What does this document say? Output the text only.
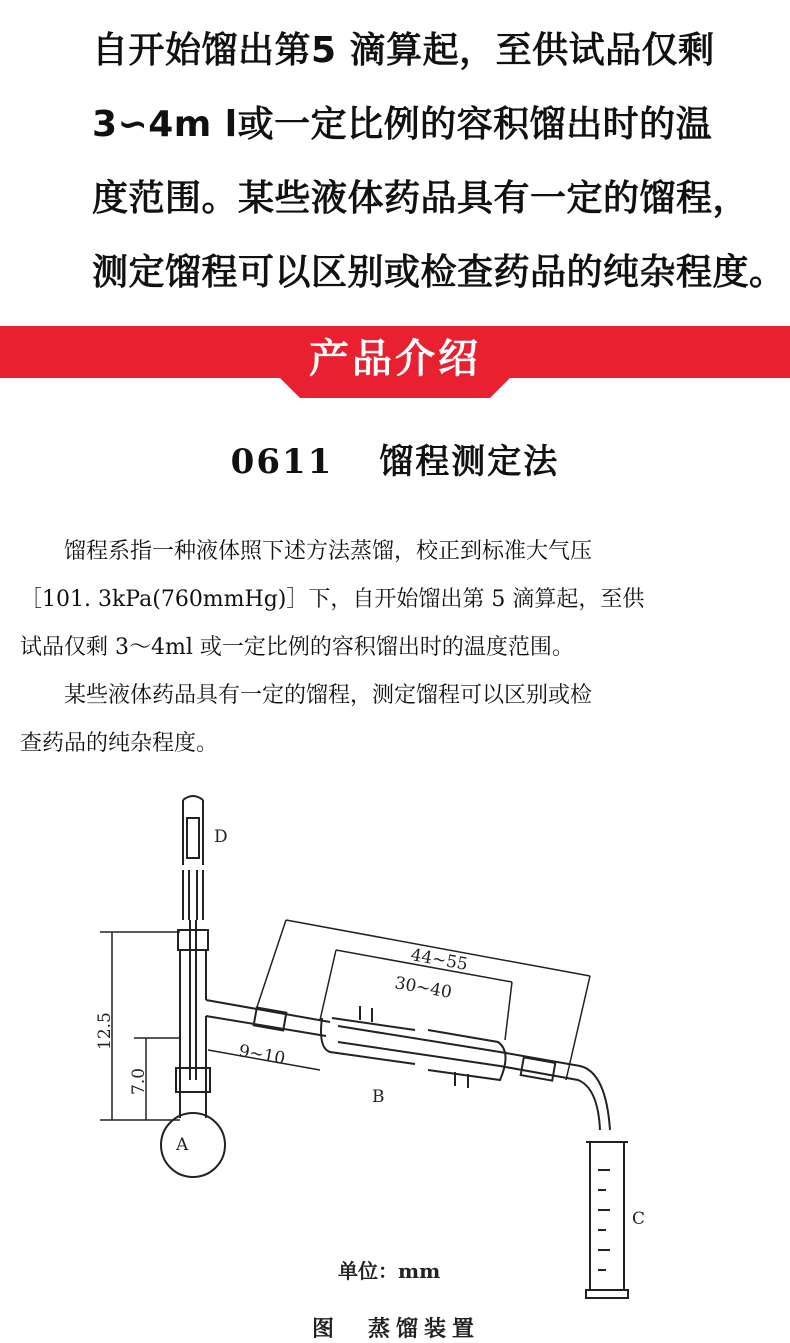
自开始馏出第5 滴算起，至供试品仅剩
3∽4m l或一定比例的容积馏出时的温
度范围。某些液体药品具有一定的馏程，
测定馏程可以区别或检查药品的纯杂程度。
产品介绍
0611 馏程测定法
　　馏程系指一种液体照下述方法蒸馏，校正到标准大气压
［101. 3kPa(760mmHg)］下，自开始馏出第 5 滴算起，至供
试品仅剩 3～4ml 或一定比例的容积馏出时的温度范围。
　　某些液体药品具有一定的馏程，测定馏程可以区别或检
查药品的纯杂程度。
D
A
B
C
44~55
30~40
9~10
12.5
7.0
单位：mm
图　蒸馏装置
